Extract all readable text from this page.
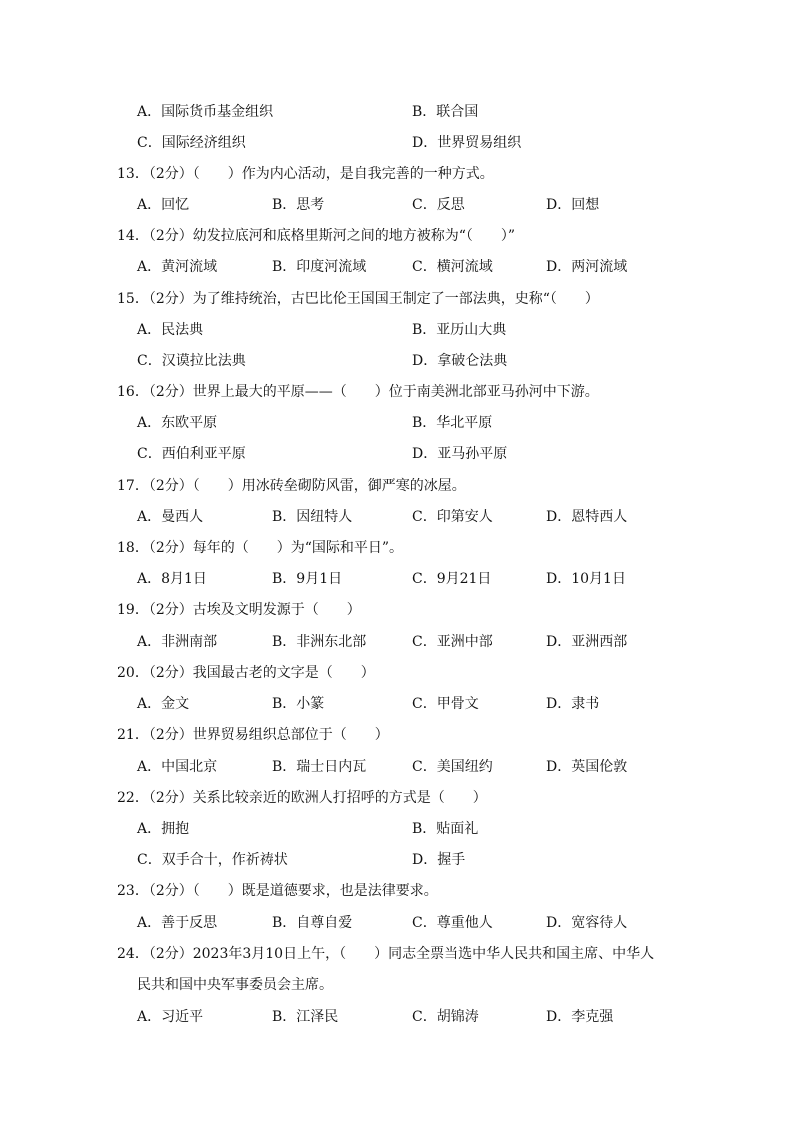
A．国际货币基金组织	B．联合国
C．国际经济组织	D．世界贸易组织
13．（2分）（　　）作为内心活动，是自我完善的一种方式。
A．回忆	B．思考	C．反思	D．回想
14．（2分）幼发拉底河和底格里斯河之间的地方被称为“（　　）”
A．黄河流域	B．印度河流域	C．横河流域	D．两河流域
15．（2分）为了维持统治，古巴比伦王国国王制定了一部法典，史称“（　　）
A．民法典	B．亚历山大典
C．汉谟拉比法典	D．拿破仑法典
16．（2分）世界上最大的平原——（　　）位于南美洲北部亚马孙河中下游。
A．东欧平原	B．华北平原
C．西伯利亚平原	D．亚马孙平原
17．（2分）（　　）用冰砖垒砌防风雷，御严寒的冰屋。
A．曼西人	B．因纽特人	C．印第安人	D．恩特西人
18．（2分）每年的（　　）为“国际和平日”。
A．8月1日	B．9月1日	C．9月21日	D．10月1日
19．（2分）古埃及文明发源于（　　）
A．非洲南部	B．非洲东北部	C．亚洲中部	D．亚洲西部
20．（2分）我国最古老的文字是（　　）
A．金文	B．小篆	C．甲骨文	D．隶书
21．（2分）世界贸易组织总部位于（　　）
A．中国北京	B．瑞士日内瓦	C．美国纽约	D．英国伦敦
22．（2分）关系比较亲近的欧洲人打招呼的方式是（　　）
A．拥抱	B．贴面礼
C．双手合十，作祈祷状	D．握手
23．（2分）（　　）既是道德要求，也是法律要求。
A．善于反思	B．自尊自爱	C．尊重他人	D．宽容待人
24．（2分）2023年3月10日上午，（　　）同志全票当选中华人民共和国主席、中华人
民共和国中央军事委员会主席。
A．习近平	B．江泽民	C．胡锦涛	D．李克强
